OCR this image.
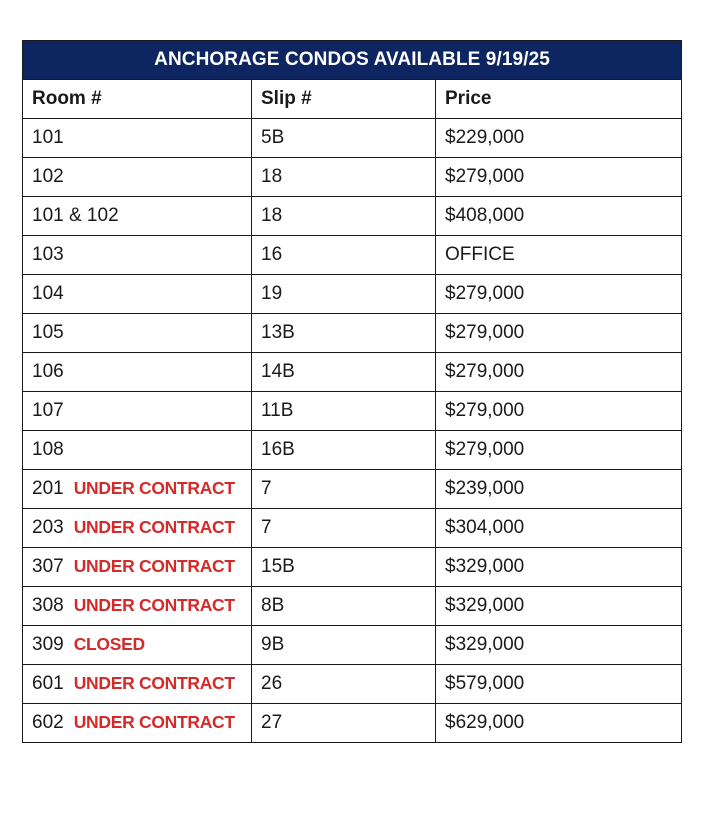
ANCHORAGE CONDOS AVAILABLE 9/19/25		
Room #	Slip #	Price
101	5B	$229,000
102	18	$279,000
101 & 102	18	$408,000
103	16	OFFICE
104	19	$279,000
105	13B	$279,000
106	14B	$279,000
107	11B	$279,000
108	16B	$279,000
201 UNDER CONTRACT	7	$239,000
203 UNDER CONTRACT	7	$304,000
307 UNDER CONTRACT	15B	$329,000
308 UNDER CONTRACT	8B	$329,000
309 CLOSED	9B	$329,000
601 UNDER CONTRACT	26	$579,000
602 UNDER CONTRACT	27	$629,000
